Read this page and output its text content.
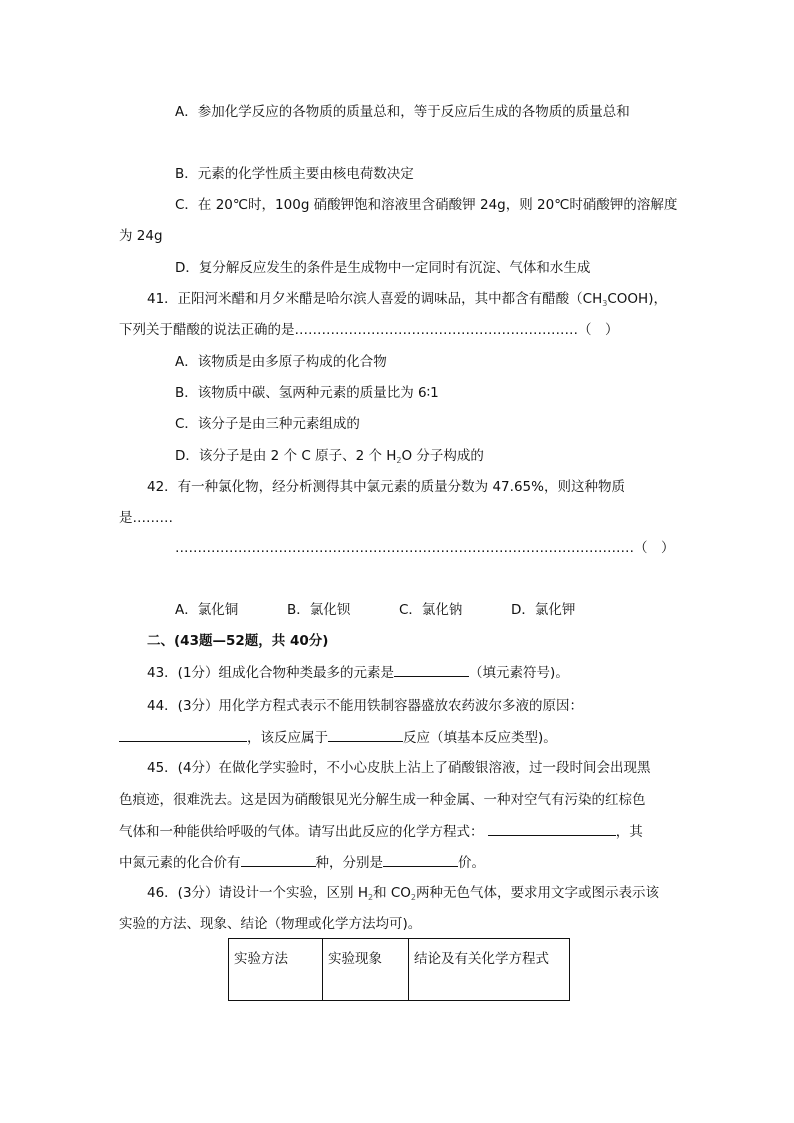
A．参加化学反应的各物质的质量总和，等于反应后生成的各物质的质量总和
B．元素的化学性质主要由核电荷数决定
C．在 20℃时，100g 硝酸钾饱和溶液里含硝酸钾 24g，则 20℃时硝酸钾的溶解度
为 24g
D．复分解反应发生的条件是生成物中一定同时有沉淀、气体和水生成
41．正阳河米醋和月夕米醋是哈尔滨人喜爱的调味品，其中都含有醋酸$(CH_3COOH)$，
下列关于醋酸的说法正确的是………………………………………………………（　）
A．该物质是由多原子构成的化合物
B．该物质中碳、氢两种元素的质量比为 6∶1
C．该分子是由三种元素组成的
D．该分子是由 2 个 C 原子、2 个 $H_2O$ 分子构成的
42．有一种氯化物，经分析测得其中氯元素的质量分数为 47.65%，则这种物质
是………
…………………………………………………………………………………………（　）
A．氯化铜	B．氯化钡	C．氯化钠	D．氯化钾
二、(43题—52题，共 40分)
43．(1分）组成化合物种类最多的元素是	（填元素符号)。
44．(3分）用化学方程式表示不能用铁制容器盛放农药波尔多液的原因：
，该反应属于	反应（填基本反应类型)。
45．(4分）在做化学实验时，不小心皮肤上沾上了硝酸银溶液，过一段时间会出现黑
色痕迹，很难洗去。这是因为硝酸银见光分解生成一种金属、一种对空气有污染的红棕色
气体和一种能供给呼吸的气体。请写出此反应的化学方程式：	，其
中氮元素的化合价有	种，分别是	价。
46．(3分）请设计一个实验，区别 $H_2$和 $CO_2$两种无色气体，要求用文字或图示表示该
实验的方法、现象、结论（物理或化学方法均可)。
实验方法	实验现象	结论及有关化学方程式
